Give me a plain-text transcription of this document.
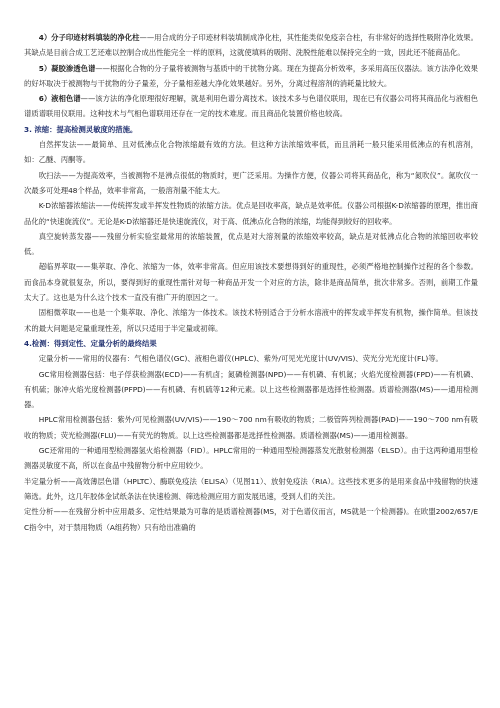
4）分子印迹材料填装的净化柱——用合成的分子印迹材料装填制成净化柱，其性能类似免疫亲合柱，有非常好的选择性吸附净化效果。其缺点是目前合成工艺还难以控制合成出性能完全一样的原料，这就使填料的吸附、洗脱性能难以保持完全的一致，因此还不能商品化。

5）凝胶渗透色谱——根据化合物的分子量将被测物与基质中的干扰物分离。现在为提高分析效率，多采用高压仪器法。该方法净化效果的好坏取决于被测物与干扰物的分子量差，分子量相差越大净化效果越好。另外，分离过程溶剂的消耗量比较大。

6）液相色谱——该方法的净化原理很好理解，就是利用色谱分离技术。该技术多与色谱仪联用，现在已有仪器公司将其商品化与液相色谱质谱联用仪联用。这种技术与气相色谱联用还存在一定的技术难度。而且商品化装置价格也较高。

3. 浓缩：提高检测灵敏度的措施。

自然挥发法——最简单、且对低沸点化合物浓缩最有效的方法。但这种方法浓缩效率低，而且消耗一般只能采用低沸点的有机溶剂，如：乙醚、丙酮等。

吹扫法——为提高效率，当被测物不是沸点很低的物质时，更广泛采用。为操作方便，仪器公司将其商品化，称为“氮吹仪”。氮吹仪一次最多可处理48个样品，效率非常高，一般溶剂量不能太大。

K-D浓缩器浓缩法——传统挥发或半挥发性物质的浓缩方法。优点是回收率高，缺点是效率低。仪器公司根据K-D浓缩器的原理，推出商品化的“快速旋流仪”。无论是K-D浓缩器还是快速旋流仪，对于高、低沸点化合物的浓缩，均能得到较好的回收率。

真空旋转蒸发器——残留分析实验室最常用的浓缩装置，优点是对大溶剂量的浓缩效率较高，缺点是对低沸点化合物的浓缩回收率较低。

超临界萃取——集萃取、净化、浓缩为一体，效率非常高。但应用该技术要想得到好的重现性，必须严格地控制操作过程的各个参数。而食品本身就很复杂，所以，要得到好的重现性需针对每一种商品开发一个对应的方法，除非是商品简单，批次非常多。否则，前期工作量太大了。这也是为什么这个技术一直没有推广开的原因之一。

固相微萃取——也是一个集萃取、净化、浓缩为一体技术。该技术特别适合于分析水溶液中的挥发或半挥发有机物，操作简单。但该技术的最大问题是定量重现性差，所以只适用于半定量或初筛。

4.检测：得到定性、定量分析的最终结果

定量分析——常用的仪器有：气相色谱仪(GC)、液相色谱仪(HPLC)、紫外/可见光光度计(UV/VIS)、荧光分光光度计(FL)等。

GC常用检测器包括：电子俘获检测器(ECD)——有机卤；氮磷检测器(NPD)——有机磷、有机氮；火焰光度检测器(FPD)——有机磷、有机硫；脉冲火焰光度检测器(PFPD)——有机磷、有机硫等12种元素。以上这些检测器都是选择性检测器。质谱检测器(MS)——通用检测器。

HPLC常用检测器包括：紫外/可见检测器(UV/VIS)——190～700 nm有吸收的物质；二极管阵列检测器(PAD)——190～700 nm有吸收的物质；荧光检测器(FLU)——有荧光的物质。以上这些检测器都是选择性检测器。质谱检测器(MS)——通用检测器。

GC还常用的一种通用型检测器氢火焰检测器（FID）。HPLC常用的一种通用型检测器蒸发光散射检测器（ELSD）。由于这两种通用型检测器灵敏度不高，所以在食品中残留物分析中应用较少。

半定量分析——高效薄层色谱（HPLTC）、酶联免疫法（ELISA）（见图11）、放射免疫法（RIA）。这些技术更多的是用来食品中残留物的快速筛选。此外，这几年胶体金试纸条法在快速检测、筛选检测应用方面发展迅速，受到人们的关注。

定性分析——在残留分析中应用最多、定性结果最为可靠的是质谱检测器(MS，对于色谱仪而言，MS就是一个检测器)。在欧盟2002/657/EC指令中，对于禁用物质（A组药物）只有给出准确的
